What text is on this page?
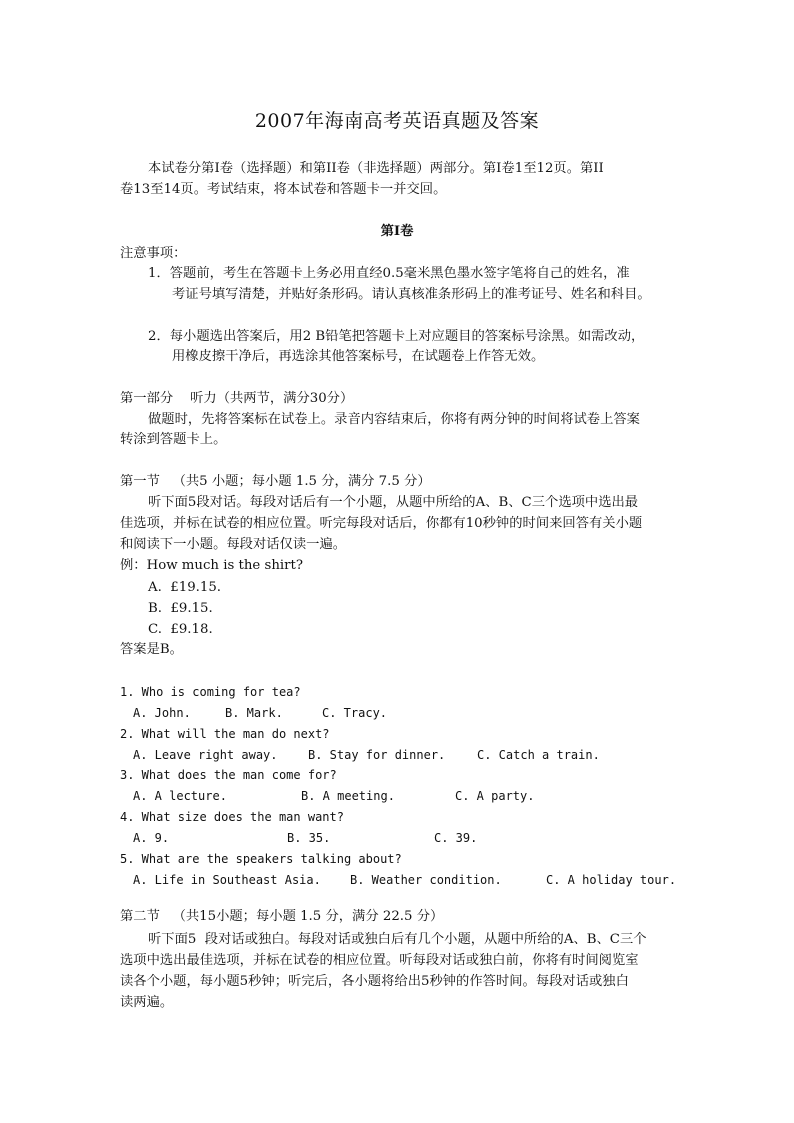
2007年海南高考英语真题及答案
本试卷分第I卷（选择题）和第II卷（非选择题）两部分。第I卷1至12页。第II
卷13至14页。考试结束，将本试卷和答题卡一并交回。
第I卷
注意事项：
1．答题前，考生在答题卡上务必用直经0.5毫米黑色墨水签字笔将自己的姓名，准
考证号填写清楚，并贴好条形码。请认真核准条形码上的准考证号、姓名和科目。
2．每小题选出答案后，用2 B铅笔把答题卡上对应题目的答案标号涂黑。如需改动，
用橡皮擦干净后，再选涂其他答案标号，在试题卷上作答无效。
第一部分    听力（共两节，满分30分）
做题时，先将答案标在试卷上。录音内容结束后，你将有两分钟的时间将试卷上答案
转涂到答题卡上。
第一节   （共5 小题；每小题 1.5 分，满分 7.5 分）
听下面5段对话。每段对话后有一个小题，从题中所给的A、B、C三个选项中选出最
佳选项，并标在试卷的相应位置。听完每段对话后，你都有10秒钟的时间来回答有关小题
和阅读下一小题。每段对话仅读一遍。
例：How much is the shirt?
A.  £19.15.
B.  £9.15.
C.  £9.18.
答案是B。
1. Who is coming for tea?
A. John.	B. Mark.	C. Tracy.
2. What will the man do next?
A. Leave right away.	B. Stay for dinner.	C. Catch a train.
3. What does the man come for?
A. A lecture.	B. A meeting.	C. A party.
4. What size does the man want?
A. 9.	B. 35.	C. 39.
5. What are the speakers talking about?
A. Life in Southeast Asia. B. Weather condition.	C. A holiday tour.
第二节   （共15小题；每小题 1.5 分，满分 22.5 分）
听下面5  段对话或独白。每段对话或独白后有几个小题，从题中所给的A、B、C三个
选项中选出最佳选项，并标在试卷的相应位置。听每段对话或独白前，你将有时间阅览室
读各个小题，每小题5秒钟；听完后，各小题将给出5秒钟的作答时间。每段对话或独白
读两遍。
